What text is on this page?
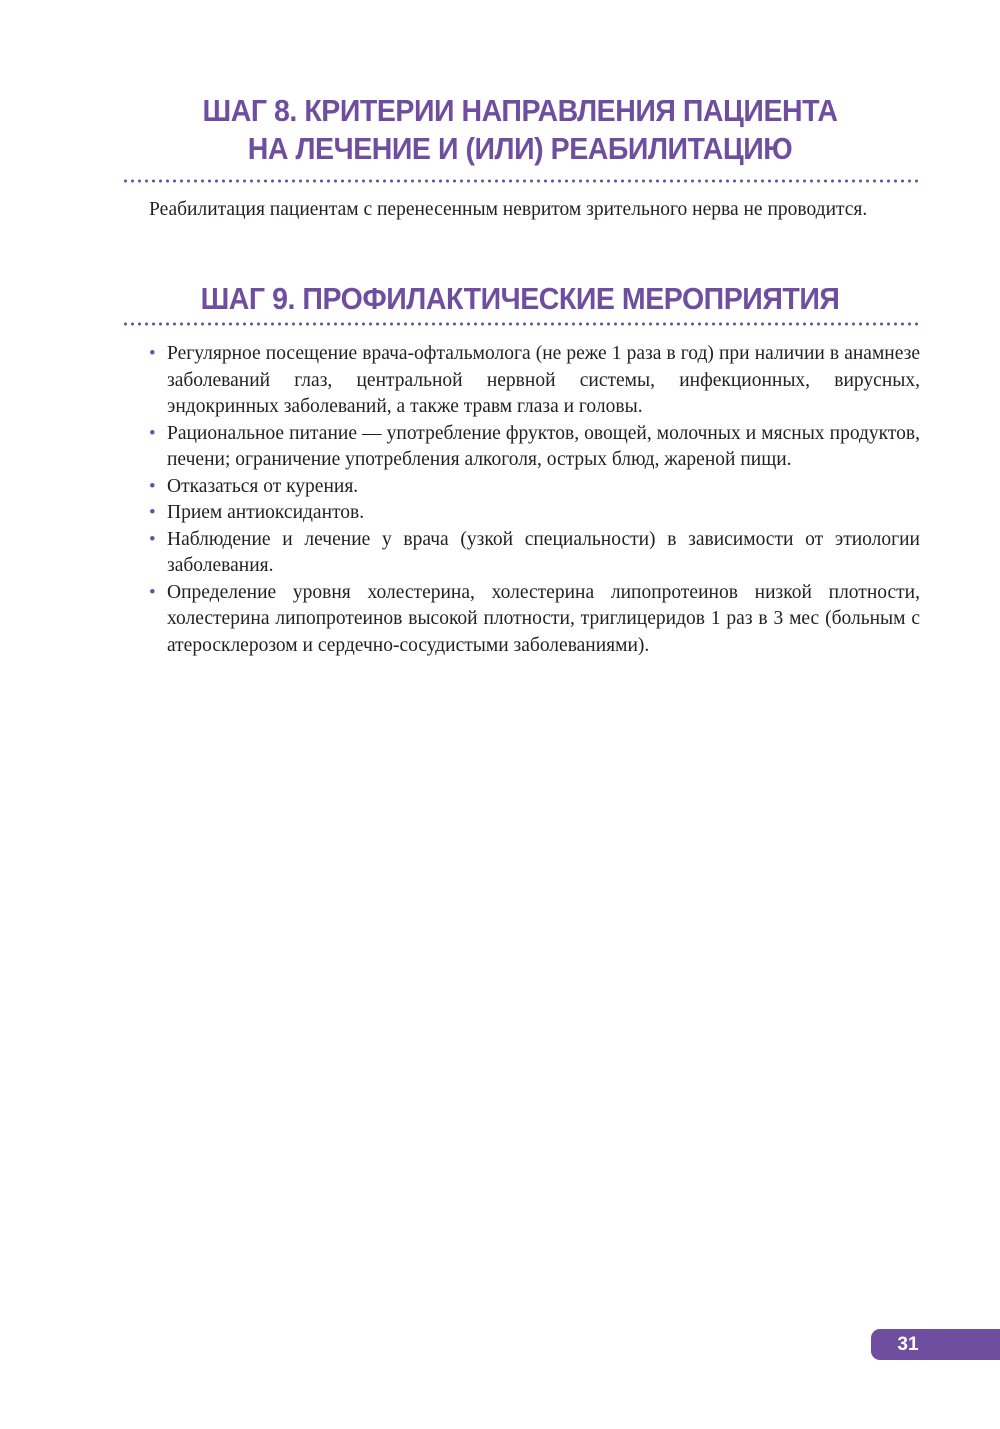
ШАГ 8. КРИТЕРИИ НАПРАВЛЕНИЯ ПАЦИЕНТА
НА ЛЕЧЕНИЕ И (ИЛИ) РЕАБИЛИТАЦИЮ

Реабилитация пациентам с перенесенным невритом зрительного нерва не проводится.

ШАГ 9. ПРОФИЛАКТИЧЕСКИЕ МЕРОПРИЯТИЯ
• Регулярное посещение врача-офтальмолога (не реже 1 раза в год) при наличии в анамнезе заболеваний глаз, центральной нервной системы, инфекционных, вирусных, эндокринных заболеваний, а также травм глаза и головы.
• Рациональное питание — употребление фруктов, овощей, молочных и мясных продуктов, печени; ограничение употребления алкоголя, острых блюд, жареной пищи.
• Отказаться от курения.
• Прием антиоксидантов.
• Наблюдение и лечение у врача (узкой специальности) в зависимости от этиологии заболевания.
• Определение уровня холестерина, холестерина липопротеинов низкой плотности, холестерина липопротеинов высокой плотности, триглицеридов 1 раз в 3 мес (больным с атеросклерозом и сердечно-сосудистыми заболеваниями).
31
